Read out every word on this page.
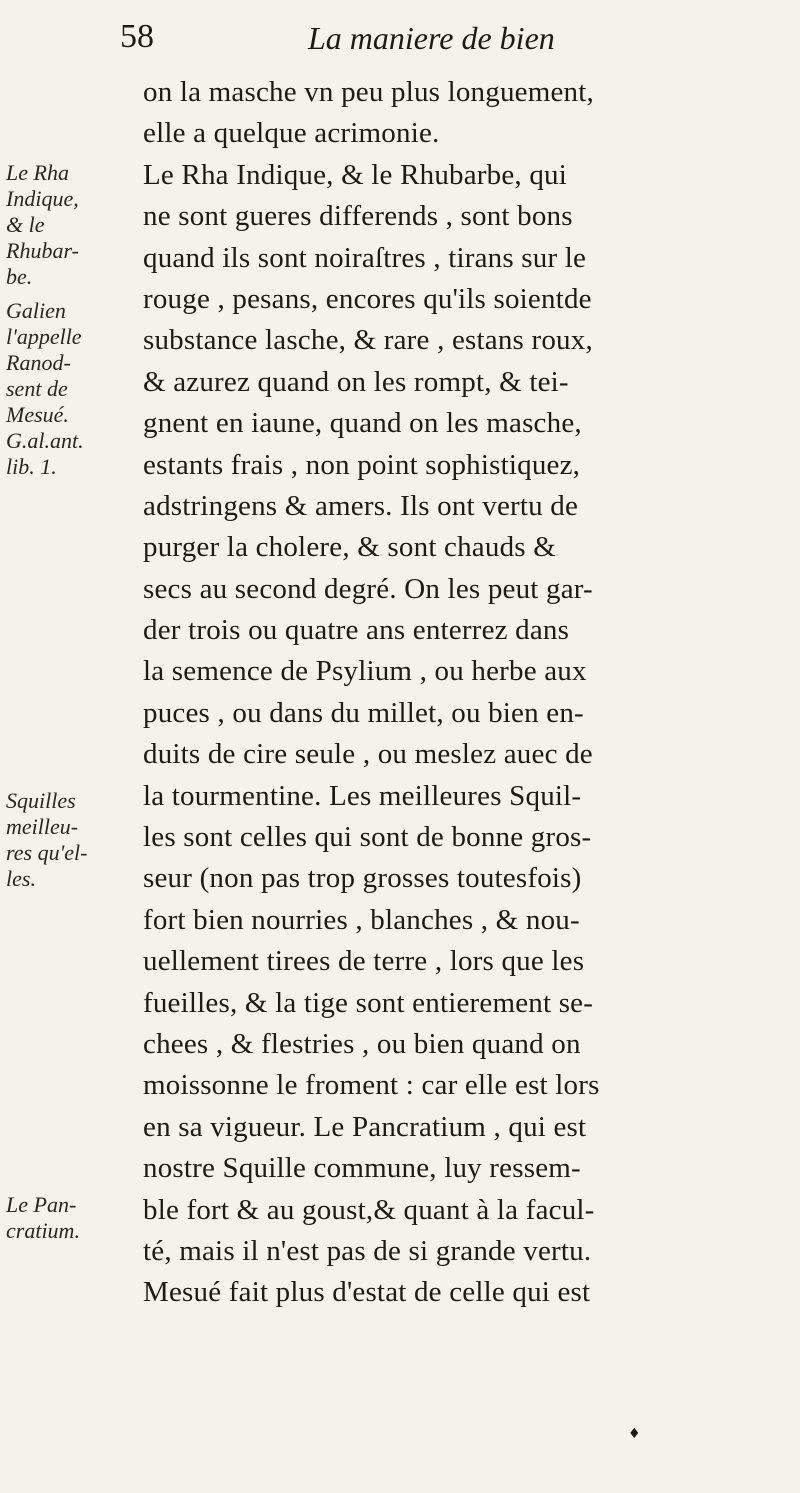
58	La maniere de bien
on la masche vn peu plus longuement,
elle a quelque acrimonie.
Le Rha Indique, & le Rhubarbe, qui
ne sont gueres differends , sont bons
quand ils sont noiraſtres , tirans sur le
rouge , pesans, encores qu'ils soientde
substance lasche, & rare , estans roux,
& azurez quand on les rompt, & tei-
gnent en iaune, quand on les masche,
estants frais , non point sophistiquez,
adstringens & amers. Ils ont vertu de
purger la cholere, & sont chauds &
secs au second degré. On les peut gar-
der trois ou quatre ans enterrez dans
la semence de Psylium , ou herbe aux
puces , ou dans du millet, ou bien en-
duits de cire seule , ou meslez auec de
la tourmentine. Les meilleures Squil-
les sont celles qui sont de bonne gros-
seur (non pas trop grosses toutesfois)
fort bien nourries , blanches , & nou-
uellement tirees de terre , lors que les
fueilles, & la tige sont entierement se-
chees , & flestries , ou bien quand on
moissonne le froment : car elle est lors
en sa vigueur. Le Pancratium , qui est
nostre Squille commune, luy ressem-
ble fort & au goust,& quant à la facul-
té, mais il n'est pas de si grande vertu.
Mesué fait plus d'estat de celle qui est
Le Rha
Indique,
& le
Rhubar-
be.
Galien
l'appelle
Ranod-
sent de
Mesué.
G.al.ant.
lib. 1.
Squilles
meilleu-
res qu'el-
les.
Le Pan-
cratium.
♦
